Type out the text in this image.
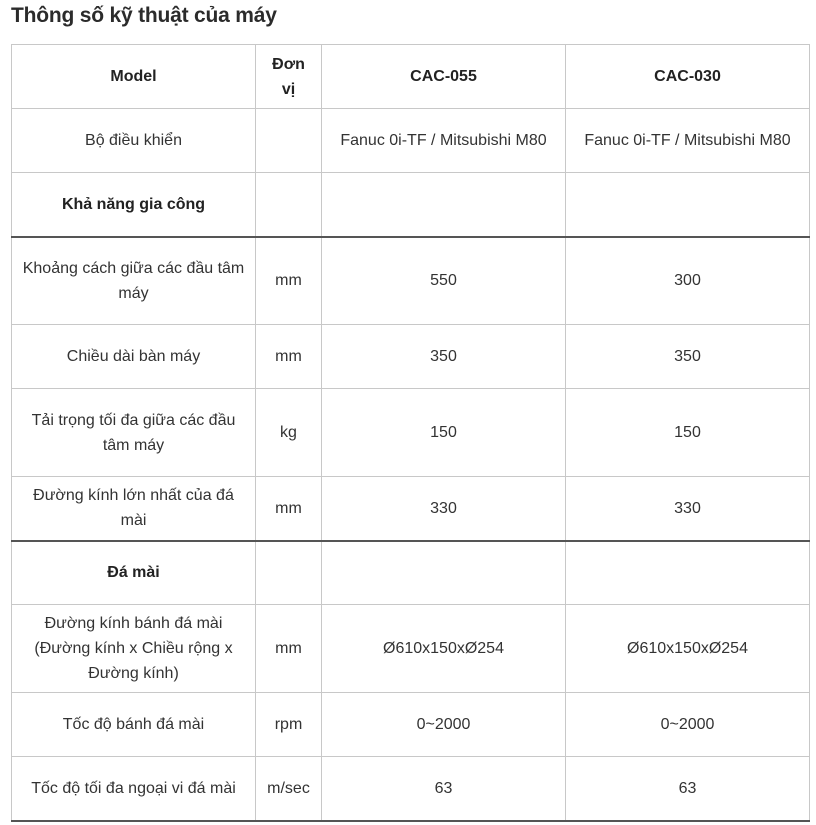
Thông số kỹ thuật của máy
Model	Đơn vị	CAC-055	CAC-030
Bộ điều khiển		Fanuc 0i-TF / Mitsubishi M80	Fanuc 0i-TF / Mitsubishi M80
Khả năng gia công			
Khoảng cách giữa các đầu tâm máy	mm	550	300
Chiều dài bàn máy	mm	350	350
Tải trọng tối đa giữa các đầu tâm máy	kg	150	150
Đường kính lớn nhất của đá mài	mm	330	330
Đá mài			
Đường kính bánh đá mài (Đường kính x Chiều rộng x Đường kính)	mm	Ø610x150xØ254	Ø610x150xØ254
Tốc độ bánh đá mài	rpm	0~2000	0~2000
Tốc độ tối đa ngoại vi đá mài	m/sec	63	63
